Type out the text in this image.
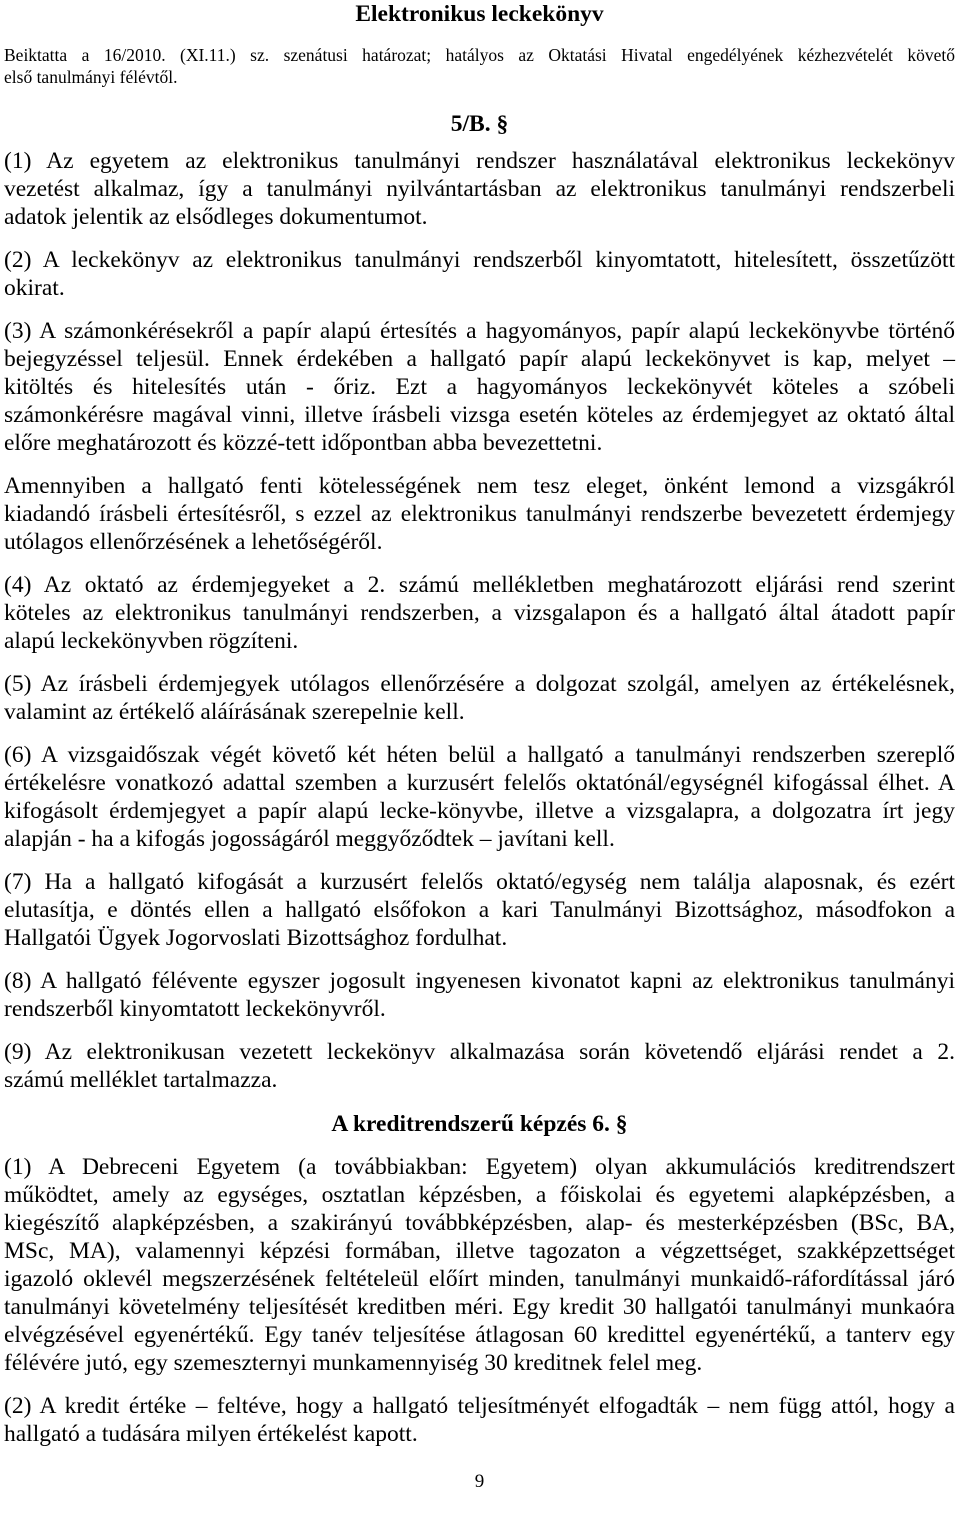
Elektronikus leckekönyv
Beiktatta a 16/2010. (XI.11.) sz. szenátusi határozat; hatályos az Oktatási Hivatal engedélyének kézhezvételét követő
első tanulmányi félévtől.
5/B. §
(1) Az egyetem az elektronikus tanulmányi rendszer használatával elektronikus leckekönyv
vezetést alkalmaz, így a tanulmányi nyilvántartásban az elektronikus tanulmányi rendszerbeli
adatok jelentik az elsődleges dokumentumot.
(2) A leckekönyv az elektronikus tanulmányi rendszerből kinyomtatott, hitelesített, összetűzött
okirat.
(3) A számonkérésekről a papír alapú értesítés a hagyományos, papír alapú leckekönyvbe történő
bejegyzéssel teljesül. Ennek érdekében a hallgató papír alapú leckekönyvet is kap, melyet –
kitöltés és hitelesítés után - őriz. Ezt a hagyományos leckekönyvét köteles a szóbeli
számonkérésre magával vinni, illetve írásbeli vizsga esetén köteles az érdemjegyet az oktató által
előre meghatározott és közzé-tett időpontban abba bevezettetni.
Amennyiben a hallgató fenti kötelességének nem tesz eleget, önként lemond a vizsgákról
kiadandó írásbeli értesítésről, s ezzel az elektronikus tanulmányi rendszerbe bevezetett érdemjegy
utólagos ellenőrzésének a lehetőségéről.
(4) Az oktató az érdemjegyeket a 2. számú mellékletben meghatározott eljárási rend szerint
köteles az elektronikus tanulmányi rendszerben, a vizsgalapon és a hallgató által átadott papír
alapú leckekönyvben rögzíteni.
(5) Az írásbeli érdemjegyek utólagos ellenőrzésére a dolgozat szolgál, amelyen az értékelésnek,
valamint az értékelő aláírásának szerepelnie kell.
(6) A vizsgaidőszak végét követő két héten belül a hallgató a tanulmányi rendszerben szereplő
értékelésre vonatkozó adattal szemben a kurzusért felelős oktatónál/egységnél kifogással élhet. A
kifogásolt érdemjegyet a papír alapú lecke-könyvbe, illetve a vizsgalapra, a dolgozatra írt jegy
alapján - ha a kifogás jogosságáról meggyőződtek – javítani kell.
(7) Ha a hallgató kifogását a kurzusért felelős oktató/egység nem találja alaposnak, és ezért
elutasítja, e döntés ellen a hallgató elsőfokon a kari Tanulmányi Bizottsághoz, másodfokon a
Hallgatói Ügyek Jogorvoslati Bizottsághoz fordulhat.
(8) A hallgató félévente egyszer jogosult ingyenesen kivonatot kapni az elektronikus tanulmányi
rendszerből kinyomtatott leckekönyvről.
(9) Az elektronikusan vezetett leckekönyv alkalmazása során követendő eljárási rendet a 2.
számú melléklet tartalmazza.
A kreditrendszerű képzés 6. §
(1) A Debreceni Egyetem (a továbbiakban: Egyetem) olyan akkumulációs kreditrendszert
működtet, amely az egységes, osztatlan képzésben, a főiskolai és egyetemi alapképzésben, a
kiegészítő alapképzésben, a szakirányú továbbképzésben, alap- és mesterképzésben (BSc, BA,
MSc, MA), valamennyi képzési formában, illetve tagozaton a végzettséget, szakképzettséget
igazoló oklevél megszerzésének feltételeül előírt minden, tanulmányi munkaidő-ráfordítással járó
tanulmányi követelmény teljesítését kreditben méri. Egy kredit 30 hallgatói tanulmányi munkaóra
elvégzésével egyenértékű. Egy tanév teljesítése átlagosan 60 kredittel egyenértékű, a tanterv egy
félévére jutó, egy szemeszternyi munkamennyiség 30 kreditnek felel meg.
(2) A kredit értéke – feltéve, hogy a hallgató teljesítményét elfogadták – nem függ attól, hogy a
hallgató a tudására milyen értékelést kapott.
9
